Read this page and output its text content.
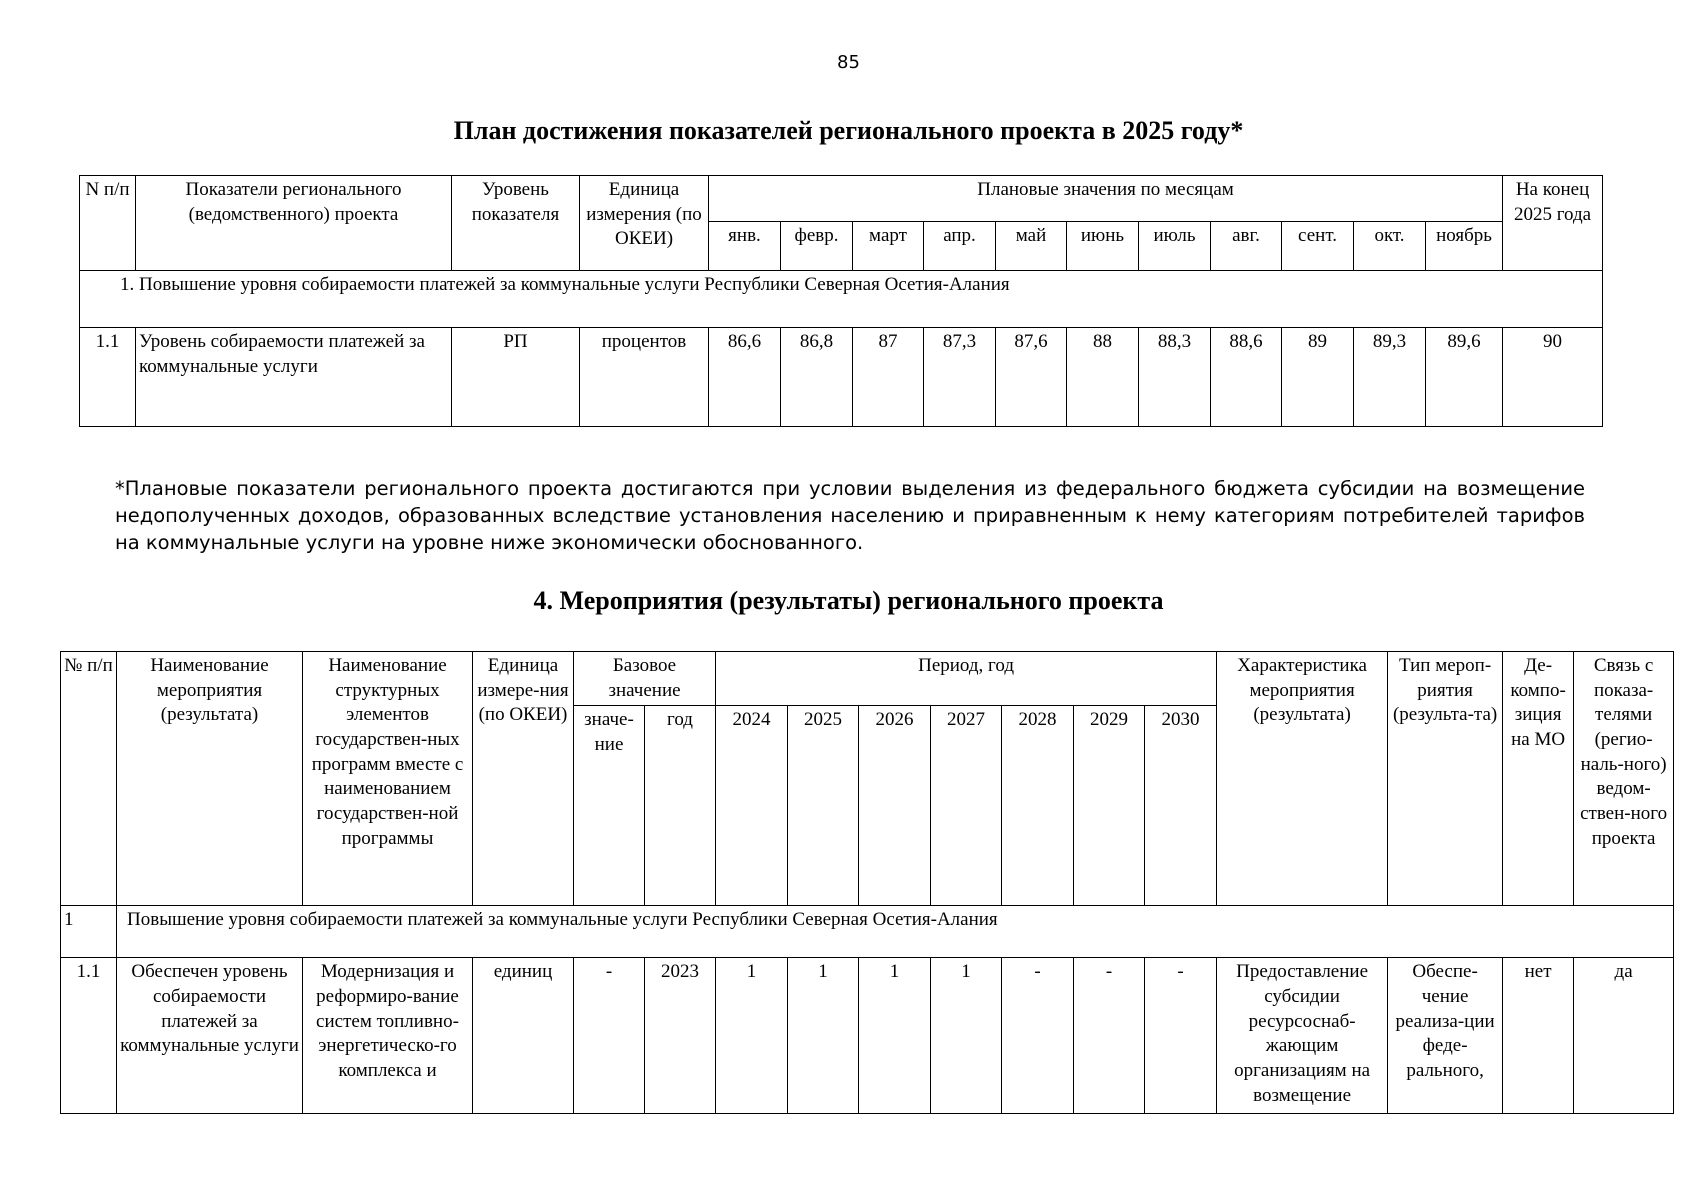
85
План достижения показателей регионального проекта в 2025 году*
N п/п	Показатели регионального (ведомственного) проекта	Уровень показателя	Единица измерения (по ОКЕИ)	Плановые значения по месяцам											На конец 2025 года
				янв.	февр.	март	апр.	май	июнь	июль	авг.	сент.	окт.	ноябрь	
1. Повышение уровня собираемости платежей за коммунальные услуги Республики Северная Осетия-Алания															
1.1	Уровень собираемости платежей за коммунальные услуги	РП	процентов	86,6	86,8	87	87,3	87,6	88	88,3	88,6	89	89,3	89,6	90
*Плановые показатели регионального проекта достигаются при условии выделения из федерального бюджета субсидии на возмещение недополученных доходов, образованных вследствие установления населению и приравненным к нему категориям потребителей тарифов на коммунальные услуги на уровне ниже экономически обоснованного.
4. Мероприятия (результаты) регионального проекта
№ п/п	Наименование мероприятия (результата)	Наименование структурных элементов государствен-ных программ вместе с наименованием государствен-ной программы	Единица измере-ния (по ОКЕИ)	Базовое значение		Период, год							Характеристика мероприятия (результата)	Тип мероп-риятия (результа-та)	Де-компо-зиция на МО	Связь с показа-телями (регио-наль-ного) ведом-ствен-ного проекта
				значе-ние	год	2024	2025	2026	2027	2028	2029	2030				
1	Повышение уровня собираемости платежей за коммунальные услуги Республики Северная Осетия-Алания															
1.1	Обеспечен уровень собираемости платежей за коммунальные услуги	Модернизация и реформиро-вание систем топливно-энергетическо-го комплекса и	единиц	-	2023	1	1	1	1	-	-	-	Предоставление субсидии ресурсоснаб-жающим организациям на возмещение	Обеспе-чение реализа-ции феде-рального,	нет	да
